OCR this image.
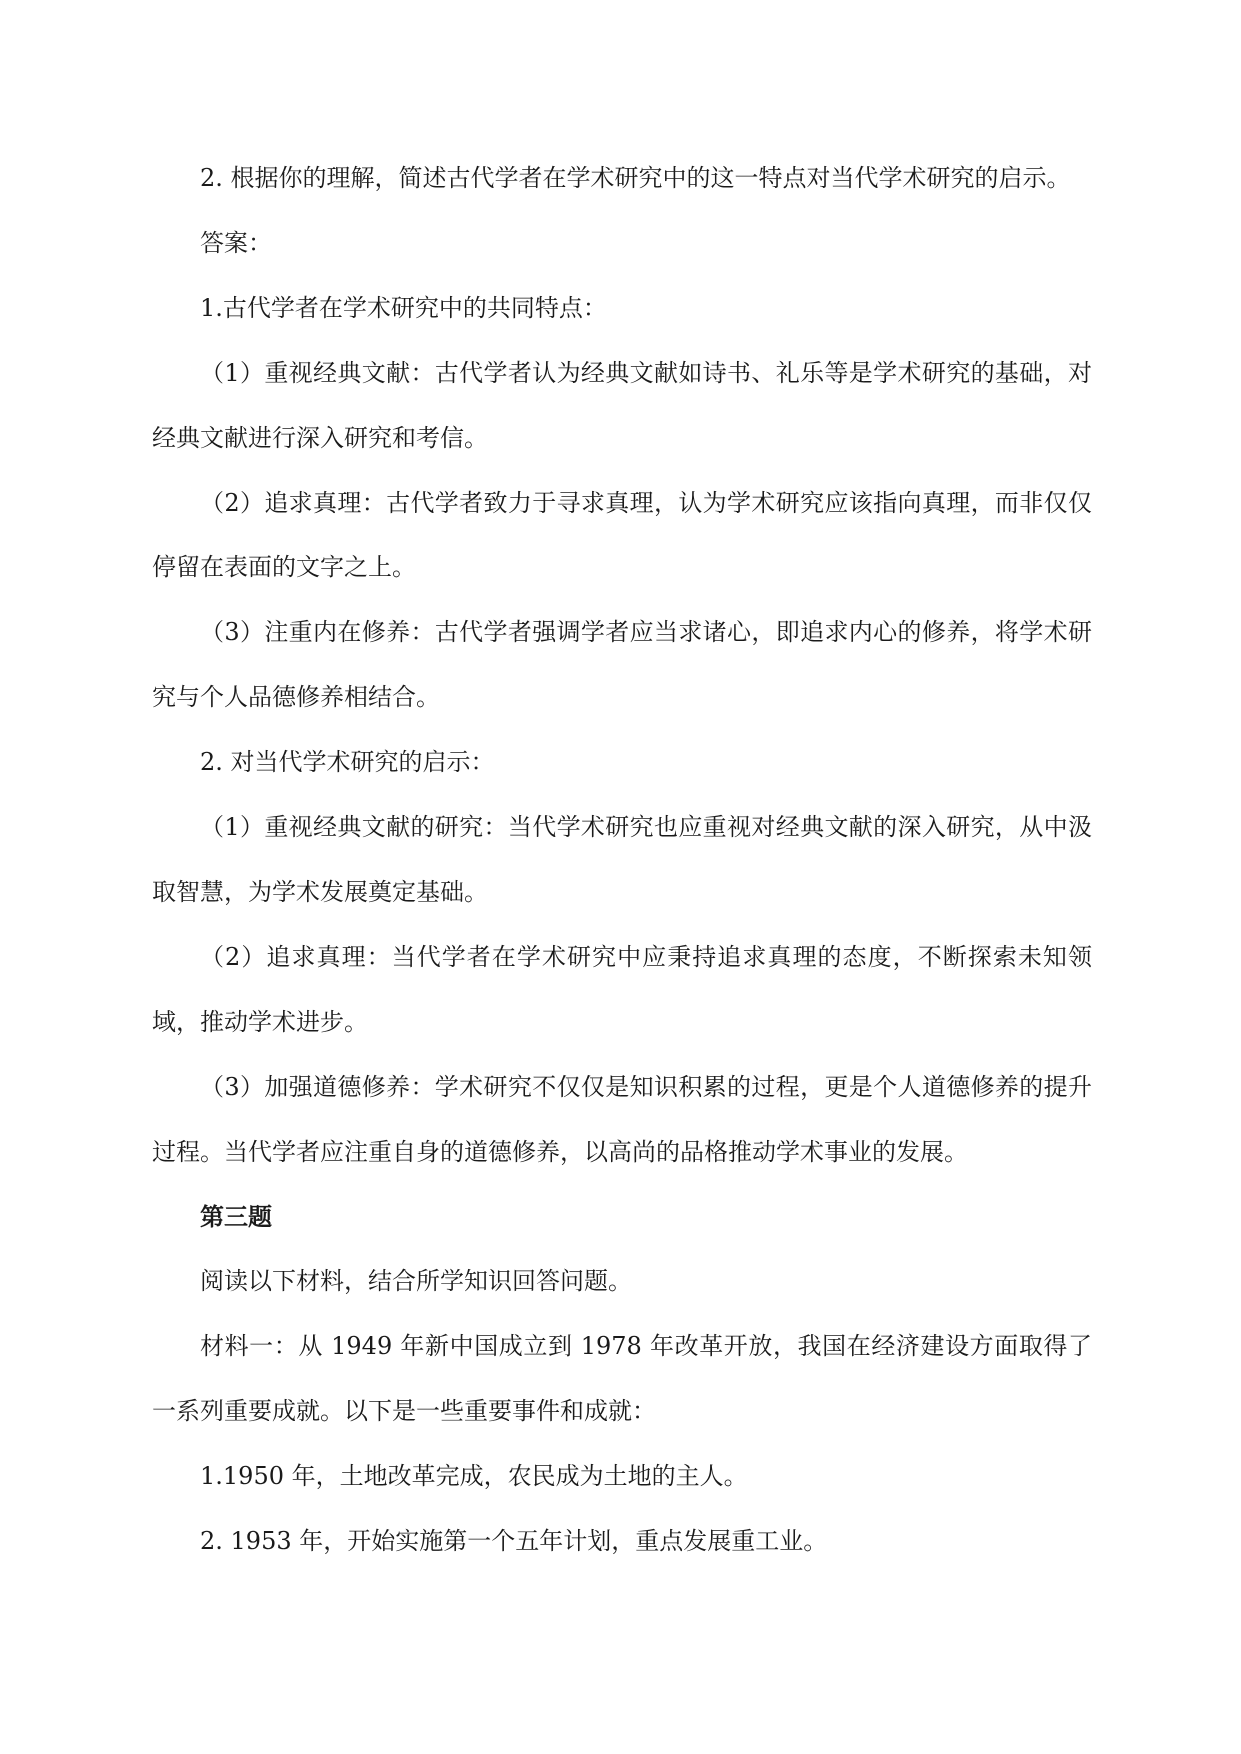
2. 根据你的理解，简述古代学者在学术研究中的这一特点对当代学术研究的启示。

答案：

1.古代学者在学术研究中的共同特点：

（1）重视经典文献：古代学者认为经典文献如诗书、礼乐等是学术研究的基础，对经典文献进行深入研究和考信。

（2）追求真理：古代学者致力于寻求真理，认为学术研究应该指向真理，而非仅仅停留在表面的文字之上。

（3）注重内在修养：古代学者强调学者应当求诸心，即追求内心的修养，将学术研究与个人品德修养相结合。

2. 对当代学术研究的启示：

（1）重视经典文献的研究：当代学术研究也应重视对经典文献的深入研究，从中汲取智慧，为学术发展奠定基础。

（2）追求真理：当代学者在学术研究中应秉持追求真理的态度，不断探索未知领域，推动学术进步。

（3）加强道德修养：学术研究不仅仅是知识积累的过程，更是个人道德修养的提升过程。当代学者应注重自身的道德修养，以高尚的品格推动学术事业的发展。

第三题

阅读以下材料，结合所学知识回答问题。

材料一：从 1949 年新中国成立到 1978 年改革开放，我国在经济建设方面取得了一系列重要成就。以下是一些重要事件和成就：

1.1950 年，土地改革完成，农民成为土地的主人。

2. 1953 年，开始实施第一个五年计划，重点发展重工业。
